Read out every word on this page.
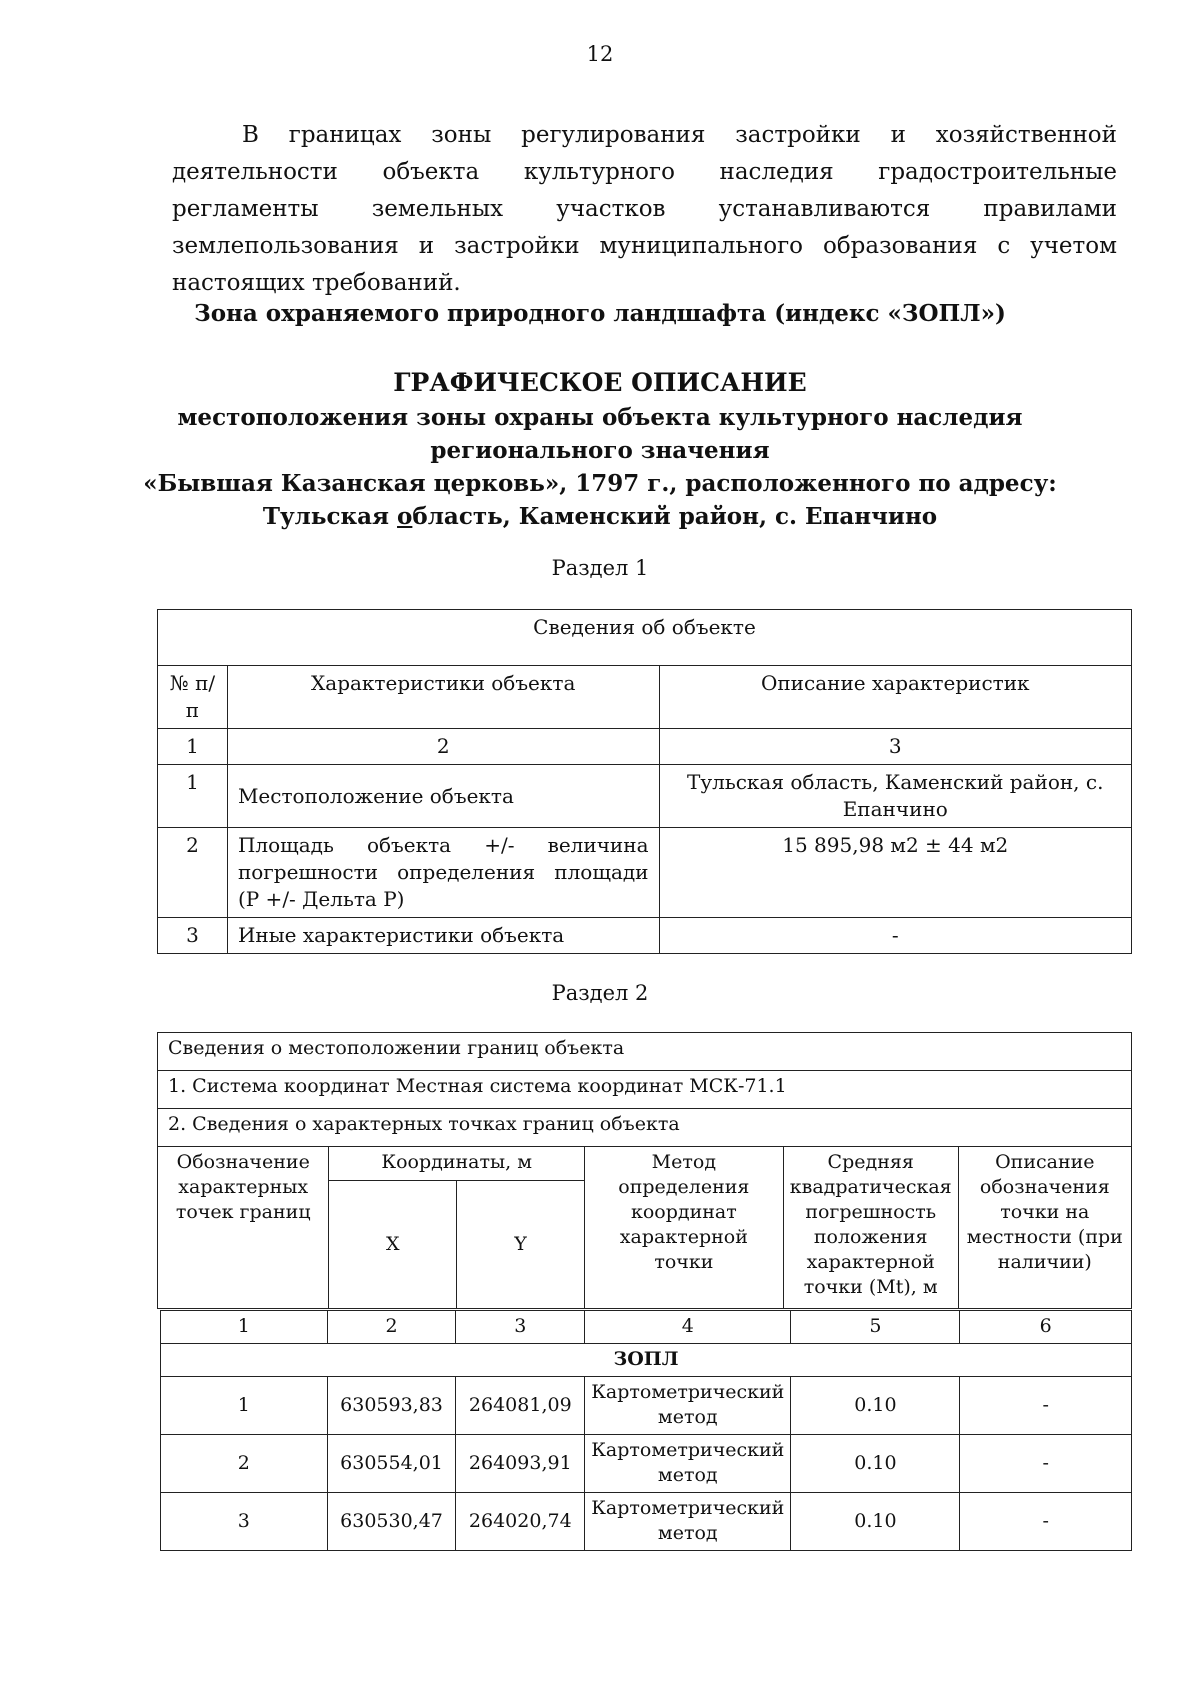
12
В границах зоны регулирования застройки и хозяйственной деятельности объекта культурного наследия градостроительные регламенты земельных участков устанавливаются правилами землепользования и застройки муниципального образования с учетом настоящих требований.
Зона охраняемого природного ландшафта (индекс «ЗОПЛ»)
ГРАФИЧЕСКОЕ ОПИСАНИЕ
местоположения зоны охраны объекта культурного наследия
регионального значения
«Бывшая Казанская церковь», 1797 г., расположенного по адресу:
Тульская область, Каменский район, с. Епанчино
Раздел 1
Сведения об объекте		
№ п/п	Характеристики объекта	Описание характеристик
1	2	3
1	Местоположение объекта	Тульская область, Каменский район, с. Епанчино
2	Площадь объекта +/- величина погрешности определения площади (Р +/- Дельта Р)	15 895,98 м2 ± 44 м2
3	Иные характеристики объекта	-
Раздел 2
Сведения о местоположении границ объекта					
1. Система координат Местная система координат МСК-71.1					
2. Сведения о характерных точках границ объекта					
Обозначение характерных точек границ	Координаты, м		Метод определения координат характерной точки	Средняя квадратическая погрешность положения характерной точки (Mt), м	Описание обозначения точки на местности (при наличии)
	X	Y			
1	2	3	4	5	6
ЗОПЛ					
1	630593,83	264081,09	Картометрический метод	0.10	-
2	630554,01	264093,91	Картометрический метод	0.10	-
3	630530,47	264020,74	Картометрический метод	0.10	-
